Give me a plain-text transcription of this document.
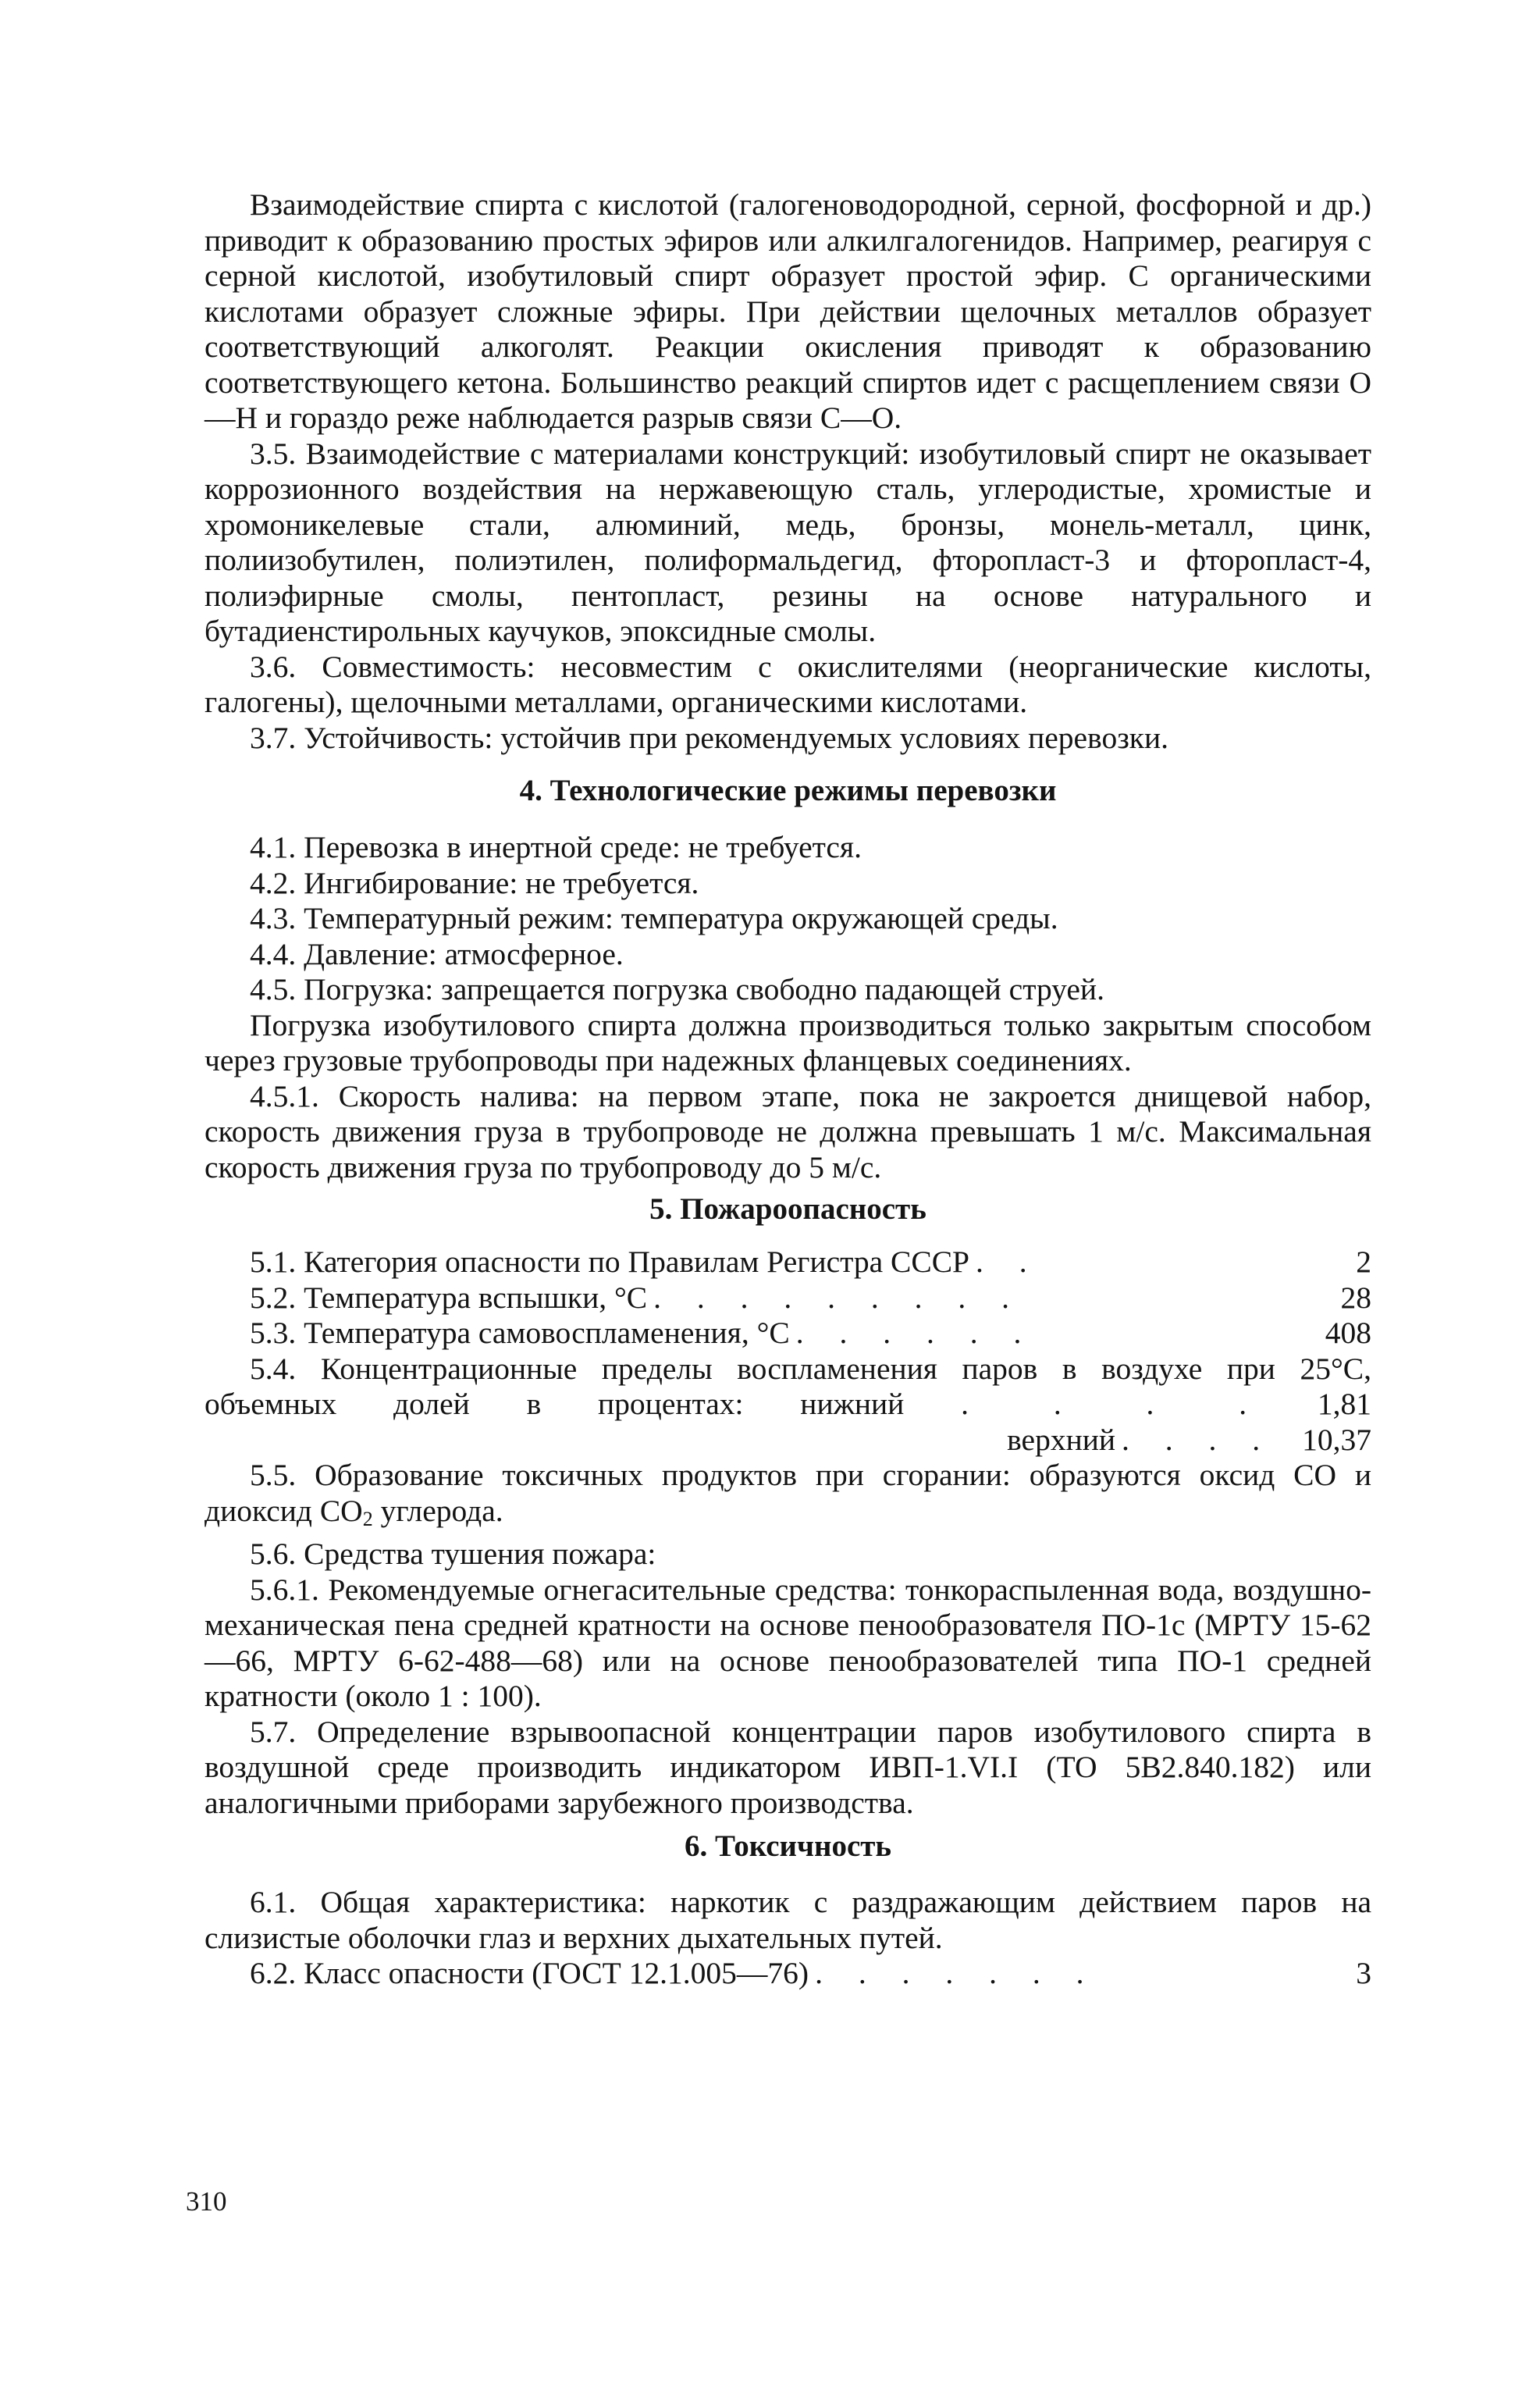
Взаимодействие спирта с кислотой (галогеноводородной, серной, фосфорной и др.) приводит к образованию простых эфиров или алкилгалогенидов. Например, реагируя с серной кислотой, изобутиловый спирт образует простой эфир. С органическими кислотами образует сложные эфиры. При действии щелочных металлов образует соответствующий алкоголят. Реакции окисления приводят к образованию соответствующего кетона. Большинство реакций спиртов идет с расщеплением связи О—Н и гораздо реже наблюдается разрыв связи С—О.

3.5. Взаимодействие с материалами конструкций: изобутиловый спирт не оказывает коррозионного воздействия на нержавеющую сталь, углеродистые, хромистые и хромоникелевые стали, алюминий, медь, бронзы, монель-металл, цинк, полиизобутилен, полиэтилен, полиформальдегид, фторопласт-3 и фторопласт-4, полиэфирные смолы, пентопласт, резины на основе натурального и бутадиенстирольных каучуков, эпоксидные смолы.

3.6. Совместимость: несовместим с окислителями (неорганические кислоты, галогены), щелочными металлами, органическими кислотами.

3.7. Устойчивость: устойчив при рекомендуемых условиях перевозки.

4. Технологические режимы перевозки

4.1. Перевозка в инертной среде: не требуется.

4.2. Ингибирование: не требуется.

4.3. Температурный режим: температура окружающей среды.

4.4. Давление: атмосферное.

4.5. Погрузка: запрещается погрузка свободно падающей струей.

Погрузка изобутилового спирта должна производиться только закрытым способом через грузовые трубопроводы при надежных фланцевых соединениях.

4.5.1. Скорость налива: на первом этапе, пока не закроется днищевой набор, скорость движения груза в трубопроводе не должна превышать 1 м/с. Максимальная скорость движения груза по трубопроводу до 5 м/с.

5. Пожароопасность
5.1. Категория опасности по Правилам Регистра СССР . .	2
5.2. Температура вспышки, °С . . . . . . . . .	28
5.3. Температура самовоспламенения, °С . . . . . .	408
5.4. Концентрационные пределы воспламенения паров в воздухе при 25°С, объемных долей в процентах: нижний . . . . 1,81
верхний . . . . 10,37

5.5. Образование токсичных продуктов при сгорании: образуются оксид СО и диоксид $СО_2$ углерода.

5.6. Средства тушения пожара:

5.6.1. Рекомендуемые огнегасительные средства: тонкораспыленная вода, воздушно-механическая пена средней кратности на основе пенообразователя ПО-1с (МРТУ 15-62—66, МРТУ 6-62-488—68) или на основе пенообразователей типа ПО-1 средней кратности (около 1 : 100).

5.7. Определение взрывоопасной концентрации паров изобутилового спирта в воздушной среде производить индикатором ИВП-1.VI.I (ТО 5В2.840.182) или аналогичными приборами зарубежного производства.

6. Токсичность

6.1. Общая характеристика: наркотик с раздражающим действием паров на слизистые оболочки глаз и верхних дыхательных путей.

6.2. Класс опасности (ГОСТ 12.1.005—76) . . . . . . .	3
310
